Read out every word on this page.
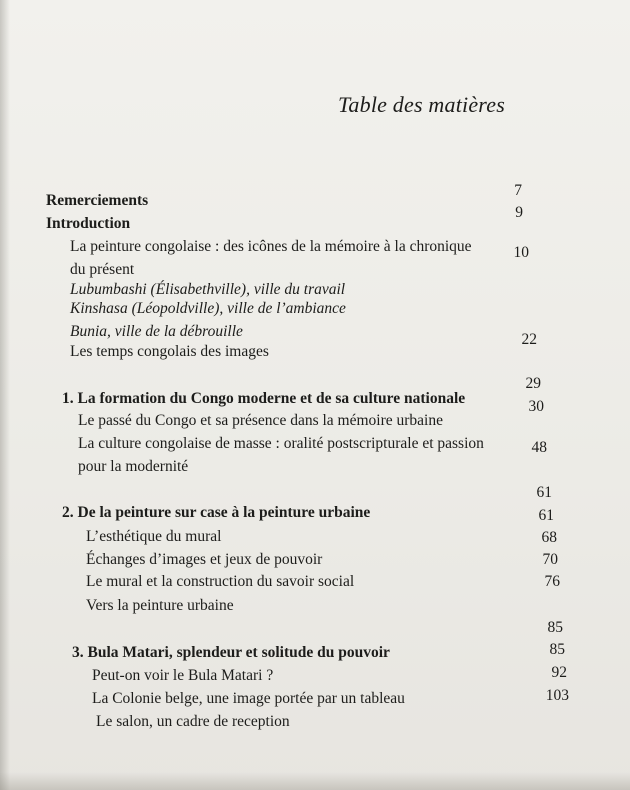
Table des matières
Remerciements
7
Introduction
9
La peinture congolaise : des icônes de la mémoire à la chronique
du présent
10
Lubumbashi (Élisabethville), ville du travail
Kinshasa (Léopoldville), ville de l’ambiance
Bunia, ville de la débrouille
Les temps congolais des images
22
1. La formation du Congo moderne et de sa culture nationale
29
Le passé du Congo et sa présence dans la mémoire urbaine
30
La culture congolaise de masse : oralité postscripturale et passion
pour la modernité
48
2. De la peinture sur case à la peinture urbaine
61
L’esthétique du mural
61
Échanges d’images et jeux de pouvoir
68
Le mural et la construction du savoir social
70
Vers la peinture urbaine
76
3. Bula Matari, splendeur et solitude du pouvoir
85
Peut-on voir le Bula Matari ?
85
La Colonie belge, une image portée par un tableau
92
Le salon, un cadre de reception
103
